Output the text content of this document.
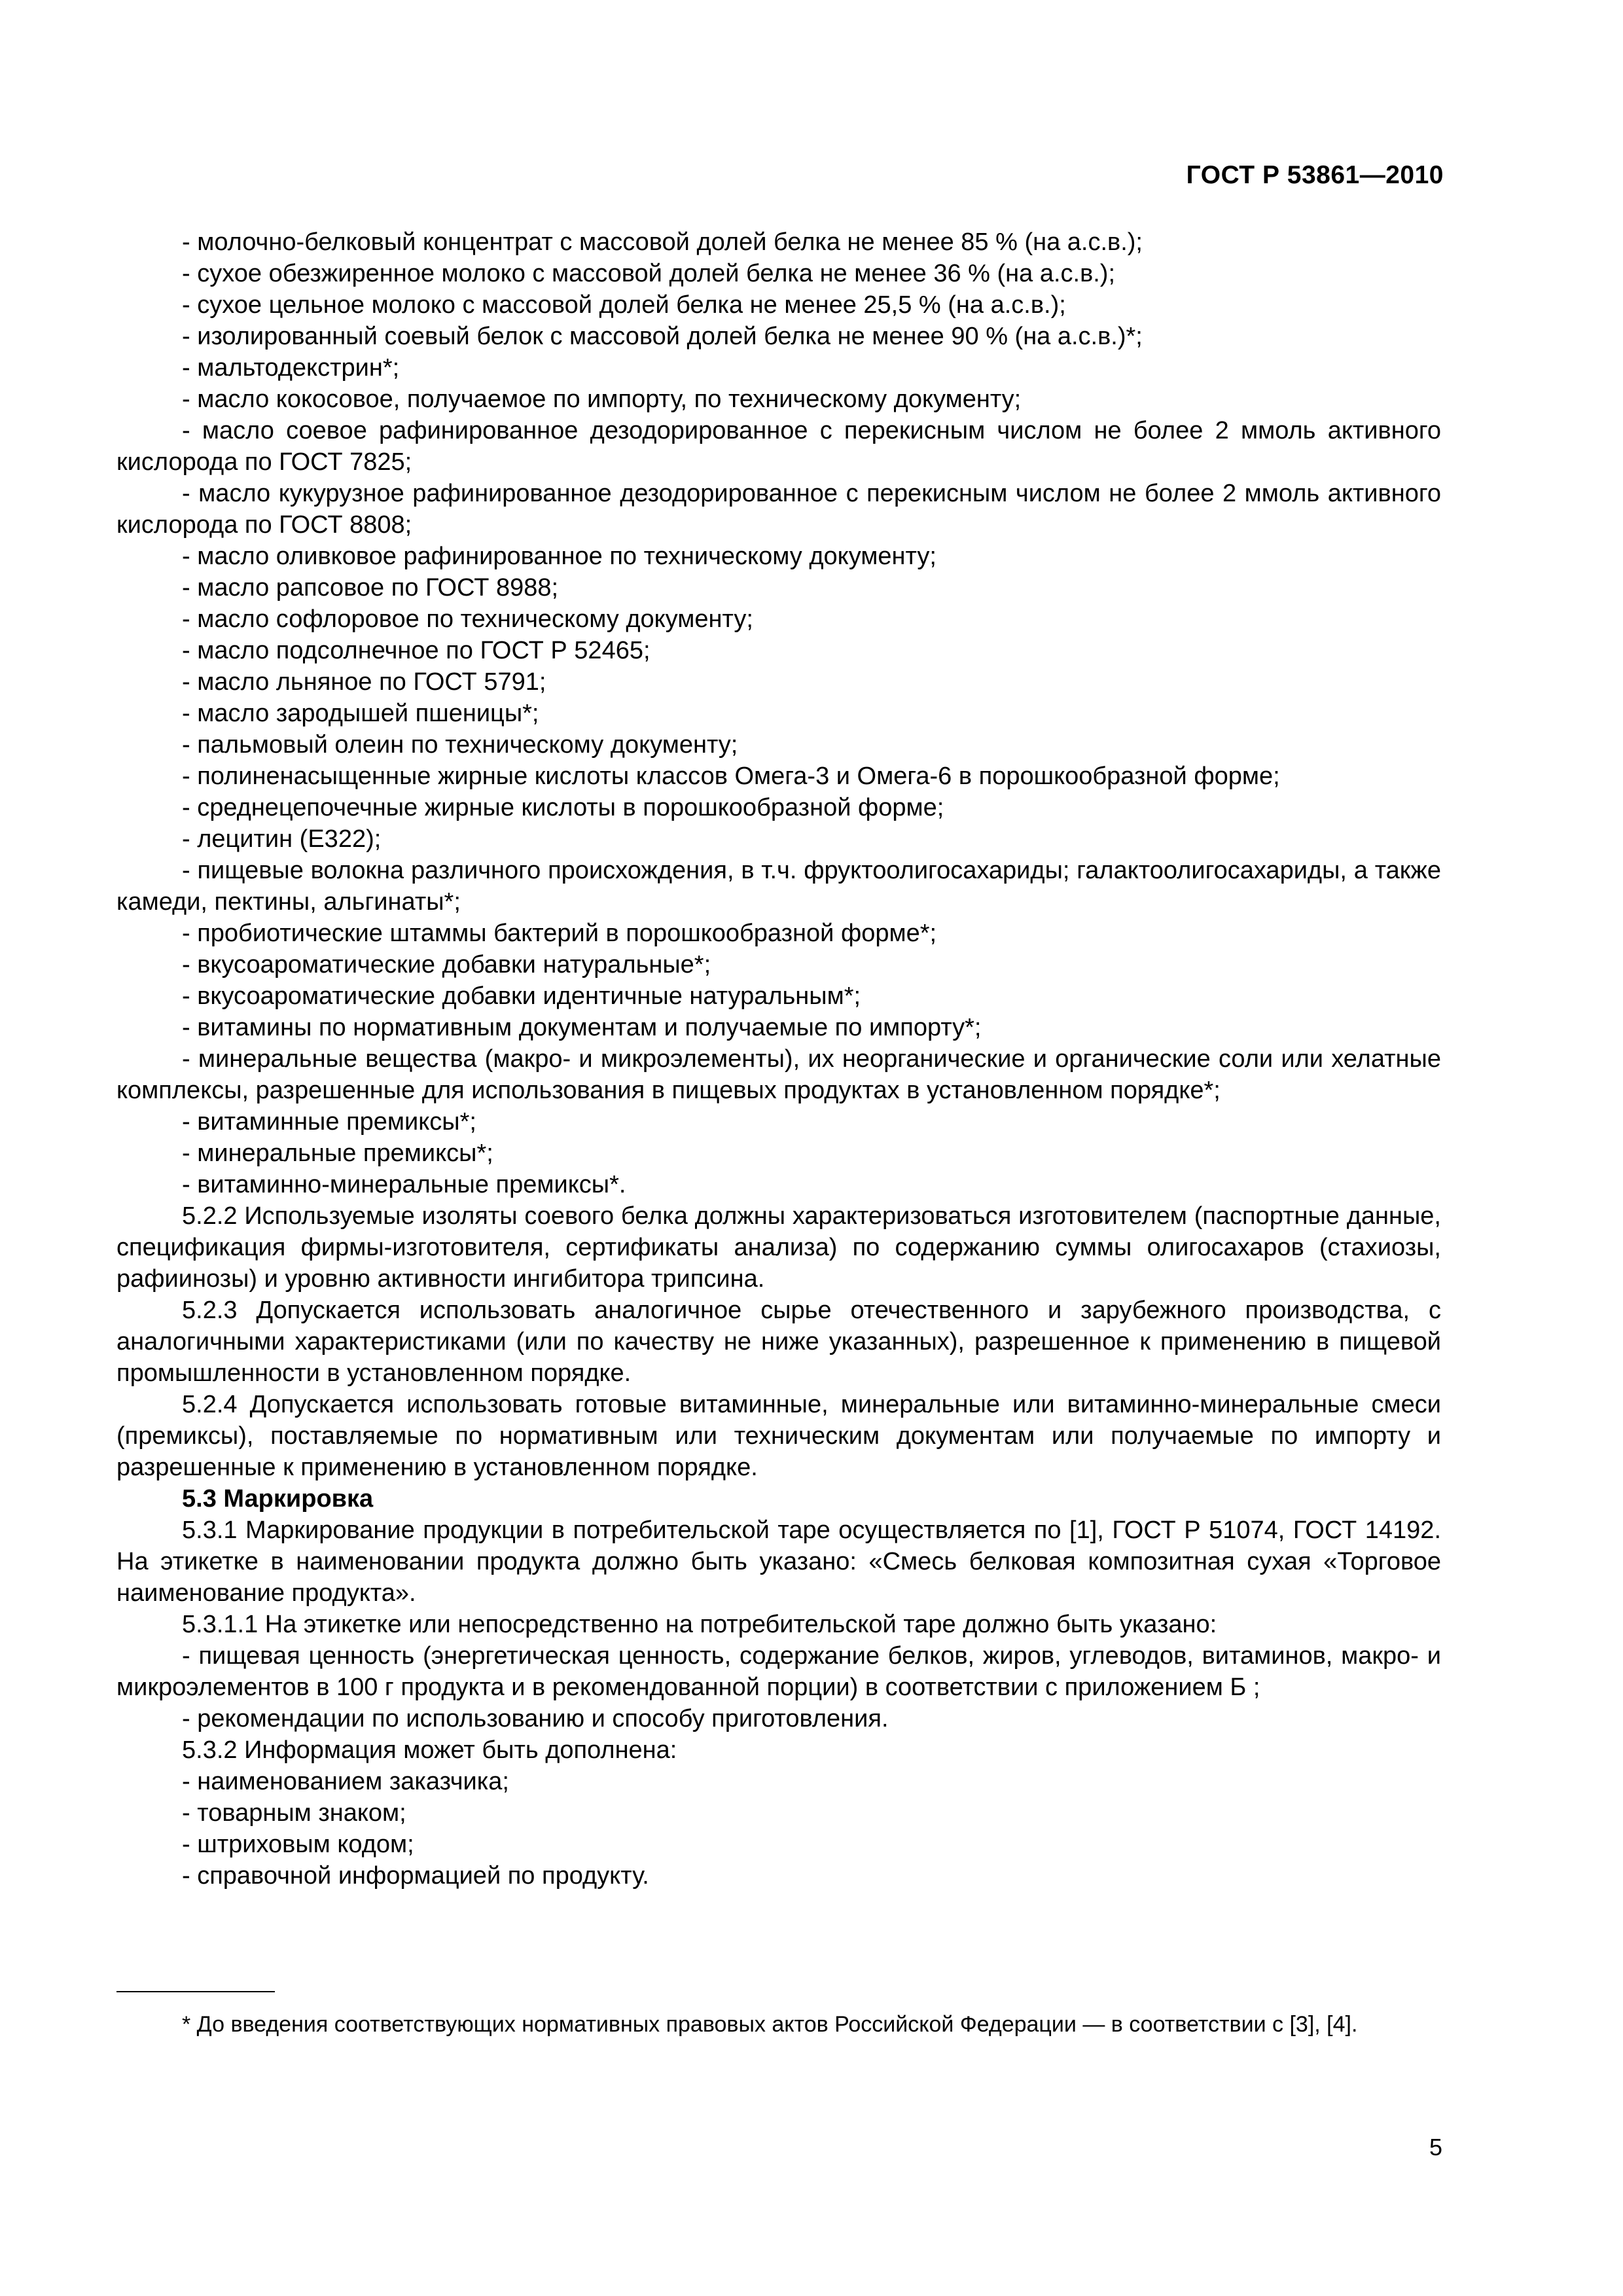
ГОСТ Р 53861—2010

- молочно-белковый концентрат с массовой долей белка не менее 85 % (на а.с.в.);

- сухое обезжиренное молоко с массовой долей белка не менее 36 % (на а.с.в.);

- сухое цельное молоко с массовой долей белка не менее 25,5 % (на а.с.в.);

- изолированный соевый белок с массовой долей белка не менее 90 % (на а.с.в.)*;

- мальтодекстрин*;

- масло кокосовое, получаемое по импорту, по техническому документу;

- масло соевое рафинированное дезодорированное с перекисным числом не более 2 ммоль активного кислорода по ГОСТ 7825;

- масло кукурузное рафинированное дезодорированное с перекисным числом не более 2 ммоль активного кислорода по ГОСТ 8808;

- масло оливковое рафинированное по техническому документу;

- масло рапсовое по ГОСТ 8988;

- масло софлоровое по техническому документу;

- масло подсолнечное по ГОСТ Р 52465;

- масло льняное по ГОСТ 5791;

- масло зародышей пшеницы*;

- пальмовый олеин по техническому документу;

- полиненасыщенные жирные кислоты классов Омега-3 и Омега-6 в порошкообразной форме;

- среднецепочечные жирные кислоты в порошкообразной форме;

- лецитин (Е322);

- пищевые волокна различного происхождения, в т.ч. фруктоолигосахариды; галактоолигосахариды, а также камеди, пектины, альгинаты*;

- пробиотические штаммы бактерий в порошкообразной форме*;

- вкусоароматические добавки натуральные*;

- вкусоароматические добавки идентичные натуральным*;

- витамины по нормативным документам и получаемые по импорту*;

- минеральные вещества (макро- и микроэлементы), их неорганические и органические соли или хелатные комплексы, разрешенные для использования в пищевых продуктах в установленном порядке*;

- витаминные премиксы*;

- минеральные премиксы*;

- витаминно-минеральные премиксы*.

5.2.2 Используемые изоляты соевого белка должны характеризоваться изготовителем (паспортные данные, спецификация фирмы-изготовителя, сертификаты анализа) по содержанию суммы олигосахаров (стахиозы, рафиинозы) и уровню активности ингибитора трипсина.

5.2.3 Допускается использовать аналогичное сырье отечественного и зарубежного производства, с аналогичными характеристиками (или по качеству не ниже указанных), разрешенное к применению в пищевой промышленности в установленном порядке.

5.2.4 Допускается использовать готовые витаминные, минеральные или витаминно-минеральные смеси (премиксы), поставляемые по нормативным или техническим документам или получаемые по импорту и разрешенные к применению в установленном порядке.

5.3 Маркировка

5.3.1 Маркирование продукции в потребительской таре осуществляется по [1], ГОСТ Р 51074, ГОСТ 14192. На этикетке в наименовании продукта должно быть указано: «Смесь белковая композитная сухая «Торговое наименование продукта».

5.3.1.1 На этикетке или непосредственно на потребительской таре должно быть указано:

- пищевая ценность (энергетическая ценность, содержание белков, жиров, углеводов, витаминов, макро- и микроэлементов в 100 г продукта и в рекомендованной порции) в соответствии с приложением Б ;

- рекомендации по использованию и способу приготовления.

5.3.2 Информация может быть дополнена:

- наименованием заказчика;

- товарным знаком;

- штриховым кодом;

- справочной информацией по продукту.

* До введения соответствующих нормативных правовых актов Российской Федерации — в соответствии с [3], [4].

5
